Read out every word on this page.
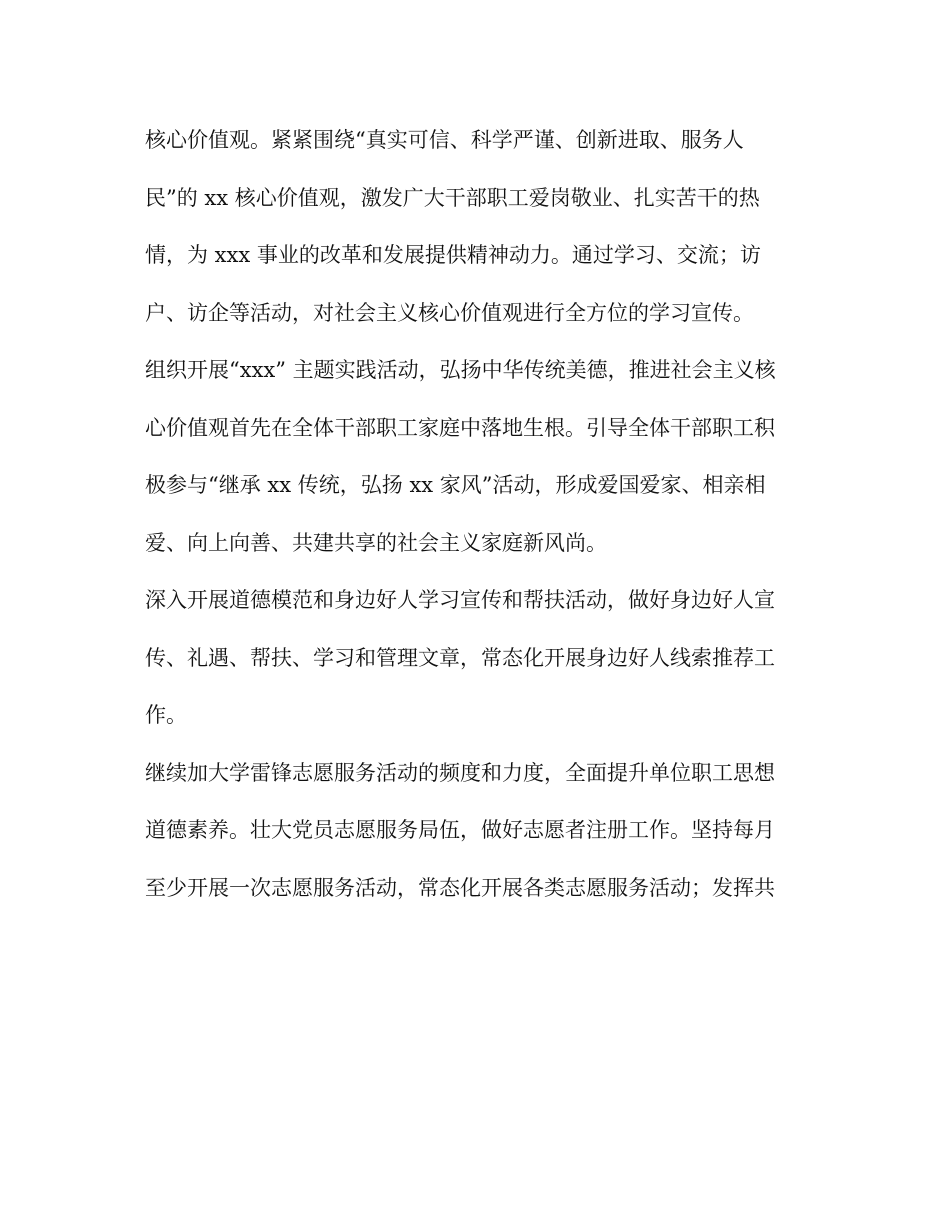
核心价值观。紧紧围绕“真实可信、科学严谨、创新进取、服务人
民”的 xx 核心价值观，激发广大干部职工爱岗敬业、扎实苦干的热
情，为 xxx 事业的改革和发展提供精神动力。通过学习、交流；访
户、访企等活动，对社会主义核心价值观进行全方位的学习宣传。
组织开展“xxx” 主题实践活动，弘扬中华传统美德，推进社会主义核
心价值观首先在全体干部职工家庭中落地生根。引导全体干部职工积
极参与“继承 xx 传统，弘扬 xx 家风”活动，形成爱国爱家、相亲相
爱、向上向善、共建共享的社会主义家庭新风尚。
深入开展道德模范和身边好人学习宣传和帮扶活动，做好身边好人宣
传、礼遇、帮扶、学习和管理文章，常态化开展身边好人线索推荐工
作。
继续加大学雷锋志愿服务活动的频度和力度，全面提升单位职工思想
道德素养。壮大党员志愿服务局伍，做好志愿者注册工作。坚持每月
至少开展一次志愿服务活动，常态化开展各类志愿服务活动；发挥共
